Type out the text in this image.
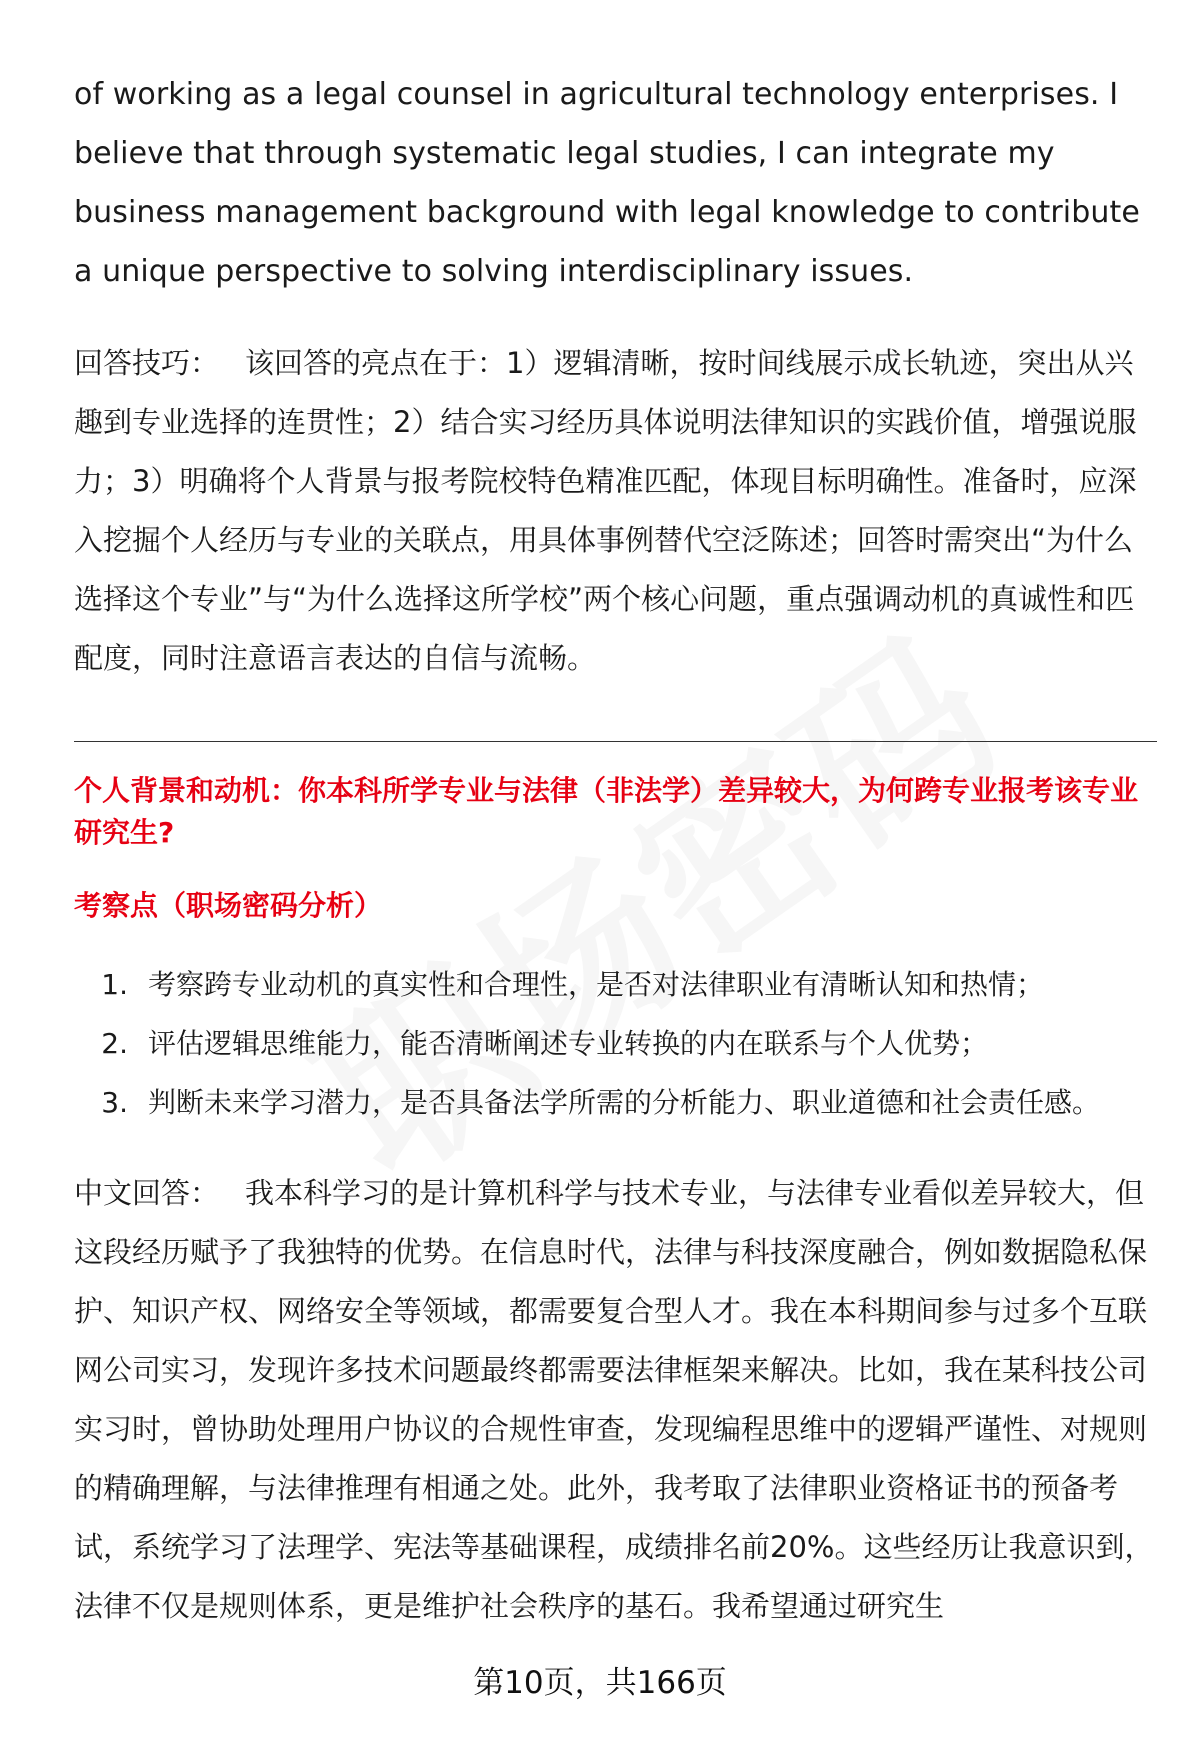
of working as a legal counsel in agricultural technology enterprises. I believe that through systematic legal studies, I can integrate my business management background with legal knowledge to contribute a unique perspective to solving interdisciplinary issues.

回答技巧： 该回答的亮点在于：1）逻辑清晰，按时间线展示成长轨迹，突出从兴趣到专业选择的连贯性；2）结合实习经历具体说明法律知识的实践价值，增强说服力；3）明确将个人背景与报考院校特色精准匹配，体现目标明确性。准备时，应深入挖掘个人经历与专业的关联点，用具体事例替代空泛陈述；回答时需突出“为什么选择这个专业”与“为什么选择这所学校”两个核心问题，重点强调动机的真诚性和匹配度，同时注意语言表达的自信与流畅。

个人背景和动机：你本科所学专业与法律（非法学）差异较大，为何跨专业报考该专业研究生?

考察点（职场密码分析）

1. 考察跨专业动机的真实性和合理性，是否对法律职业有清晰认知和热情；
2. 评估逻辑思维能力，能否清晰阐述专业转换的内在联系与个人优势；
3. 判断未来学习潜力，是否具备法学所需的分析能力、职业道德和社会责任感。

中文回答： 我本科学习的是计算机科学与技术专业，与法律专业看似差异较大，但这段经历赋予了我独特的优势。在信息时代，法律与科技深度融合，例如数据隐私保护、知识产权、网络安全等领域，都需要复合型人才。我在本科期间参与过多个互联网公司实习，发现许多技术问题最终都需要法律框架来解决。比如，我在某科技公司实习时，曾协助处理用户协议的合规性审查，发现编程思维中的逻辑严谨性、对规则的精确理解，与法律推理有相通之处。此外，我考取了法律职业资格证书的预备考试，系统学习了法理学、宪法等基础课程，成绩排名前20%。这些经历让我意识到，法律不仅是规则体系，更是维护社会秩序的基石。我希望通过研究生

第10页，共166页
